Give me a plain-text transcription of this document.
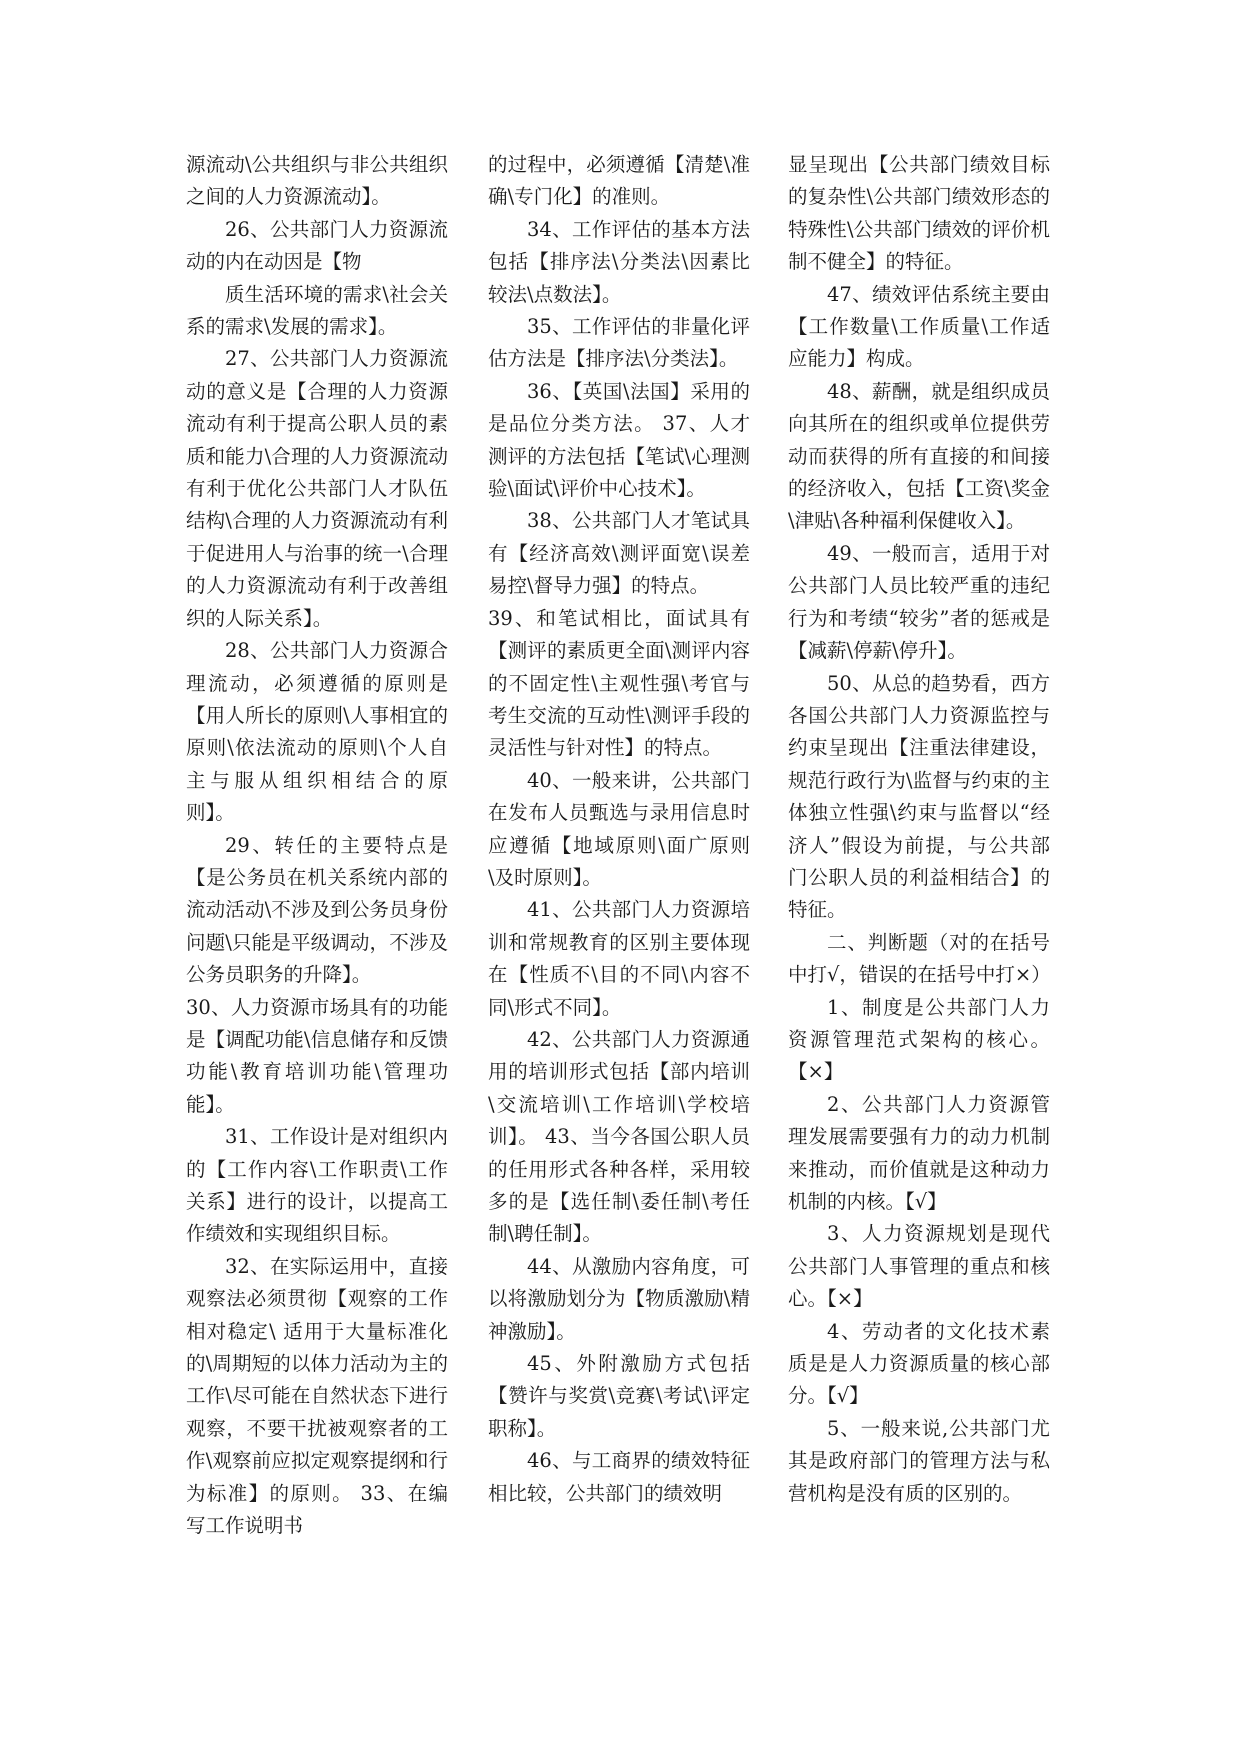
源流动\公共组织与非公共组织之间的人力资源流动】。

26、公共部门人力资源流动的内在动因是【物

质生活环境的需求\社会关系的需求\发展的需求】。

27、公共部门人力资源流动的意义是【合理的人力资源流动有利于提高公职人员的素质和能力\合理的人力资源流动有利于优化公共部门人才队伍结构\合理的人力资源流动有利于促进用人与治事的统一\合理的人力资源流动有利于改善组织的人际关系】。

28、公共部门人力资源合理流动，必须遵循的原则是【用人所长的原则\人事相宜的原则\依法流动的原则\个人自主与服从组织相结合的原则】。

29、转任的主要特点是【是公务员在机关系统内部的流动活动\不涉及到公务员身份问题\只能是平级调动，不涉及公务员职务的升降】。

30、人力资源市场具有的功能是【调配功能\信息储存和反馈功能\教育培训功能\管理功能】。

31、工作设计是对组织内的【工作内容\工作职责\工作关系】进行的设计，以提高工作绩效和实现组织目标。

32、在实际运用中，直接观察法必须贯彻【观察的工作相对稳定\ 适用于大量标准化的\周期短的以体力活动为主的工作\尽可能在自然状态下进行观察，不要干扰被观察者的工作\观察前应拟定观察提纲和行为标准】的原则。 33、在编写工作说明书

的过程中，必须遵循【清楚\准确\专门化】的准则。

34、工作评估的基本方法包括【排序法\分类法\因素比较法\点数法】。

35、工作评估的非量化评估方法是【排序法\分类法】。

36、【英国\法国】采用的是品位分类方法。 37、人才测评的方法包括【笔试\心理测验\面试\评价中心技术】。

38、公共部门人才笔试具有【经济高效\测评面宽\误差易控\督导力强】的特点。

39、和笔试相比，面试具有【测评的素质更全面\测评内容的不固定性\主观性强\考官与考生交流的互动性\测评手段的灵活性与针对性】的特点。

40、一般来讲，公共部门在发布人员甄选与录用信息时应遵循【地域原则\面广原则\及时原则】。

41、公共部门人力资源培训和常规教育的区别主要体现在【性质不\目的不同\内容不同\形式不同】。

42、公共部门人力资源通用的培训形式包括【部内培训\交流培训\工作培训\学校培训】。 43、当今各国公职人员的任用形式各种各样，采用较多的是【选任制\委任制\考任制\聘任制】。

44、从激励内容角度，可以将激励划分为【物质激励\精神激励】。

45、外附激励方式包括【赞许与奖赏\竞赛\考试\评定职称】。

46、与工商界的绩效特征相比较，公共部门的绩效明

显呈现出【公共部门绩效目标的复杂性\公共部门绩效形态的特殊性\公共部门绩效的评价机制不健全】的特征。

47、绩效评估系统主要由【工作数量\工作质量\工作适应能力】构成。

48、薪酬，就是组织成员向其所在的组织或单位提供劳动而获得的所有直接的和间接的经济收入，包括【工资\奖金\津贴\各种福利保健收入】。

49、一般而言，适用于对公共部门人员比较严重的违纪行为和考绩“较劣”者的惩戒是【减薪\停薪\停升】。

50、从总的趋势看，西方各国公共部门人力资源监控与约束呈现出【注重法律建设，规范行政行为\监督与约束的主体独立性强\约束与监督以“经济人”假设为前提，与公共部门公职人员的利益相结合】的特征。

二、判断题（对的在括号中打√，错误的在括号中打×）

1、制度是公共部门人力资源管理范式架构的核心。【×】

2、公共部门人力资源管理发展需要强有力的动力机制来推动，而价值就是这种动力机制的内核。【√】

3、人力资源规划是现代公共部门人事管理的重点和核心。【×】

4、劳动者的文化技术素质是是人力资源质量的核心部分。【√】

5、一般来说,公共部门尤其是政府部门的管理方法与私营机构是没有质的区别的。
